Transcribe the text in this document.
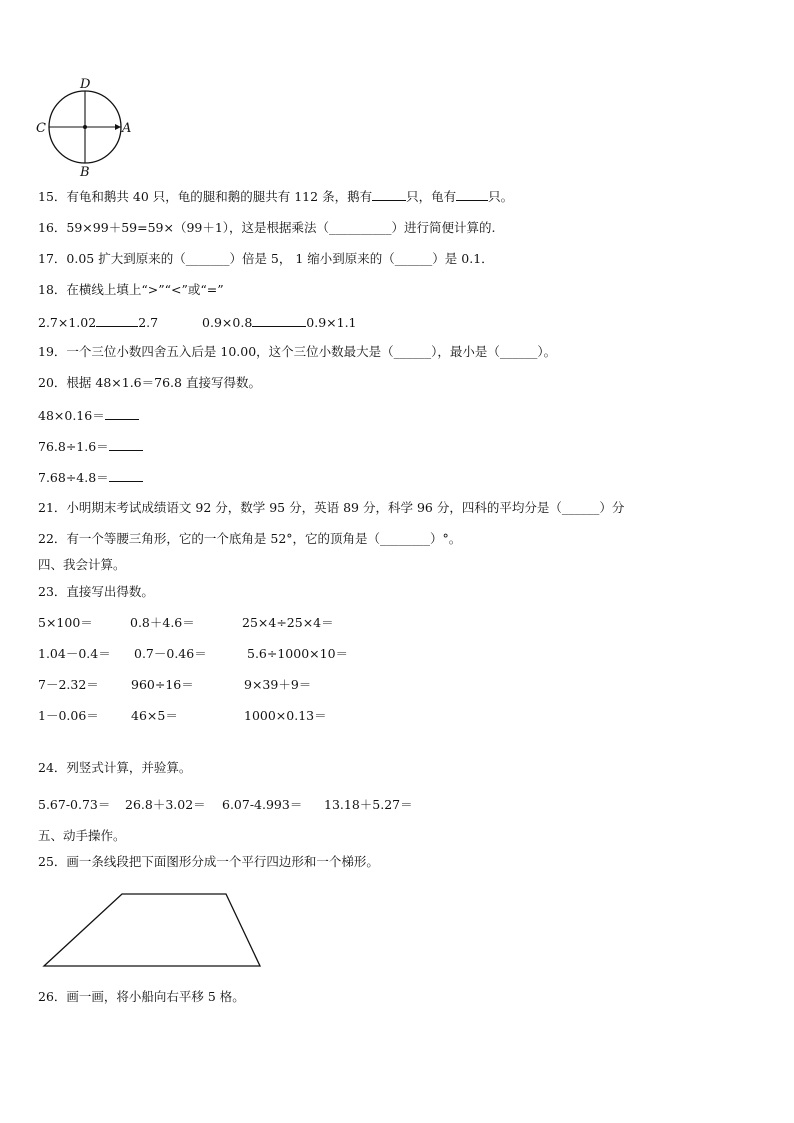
D
C	A
B
15．有龟和鹅共 40 只，龟的腿和鹅的腿共有 112 条，鹅有	只，龟有	只。
16．59×99＋59=59×（99＋1），这是根据乘法（__________）进行简便计算的.
17．0.05 扩大到原来的（_______）倍是 5， 1 缩小到原来的（______）是 0.1．
18．在横线上填上“>”“<”或“=”
2.7×1.02	2.7	0.9×0.8	0.9×1.1
19．一个三位小数四舍五入后是 10.00，这个三位小数最大是（______），最小是（______）。
20．根据 48×1.6＝76.8 直接写得数。
48×0.16＝
76.8÷1.6＝
7.68÷4.8＝
21．小明期末考试成绩语文 92 分，数学 95 分，英语 89 分，科学 96 分，四科的平均分是（______）分
22．有一个等腰三角形，它的一个底角是 52°，它的顶角是（________）°。
四、我会计算。
23．直接写出得数。
5×100＝	0.8＋4.6＝	25×4÷25×4＝
1.04－0.4＝ 0.7－0.46＝	5.6÷1000×10＝
7－2.32＝	960÷16＝	9×39＋9＝
1－0.06＝	46×5＝	1000×0.13＝
24．列竖式计算，并验算。
5.67-0.73＝ 26.8＋3.02＝ 6.07-4.993＝ 13.18＋5.27＝
五、动手操作。
25．画一条线段把下面图形分成一个平行四边形和一个梯形。
26．画一画，将小船向右平移 5 格。
